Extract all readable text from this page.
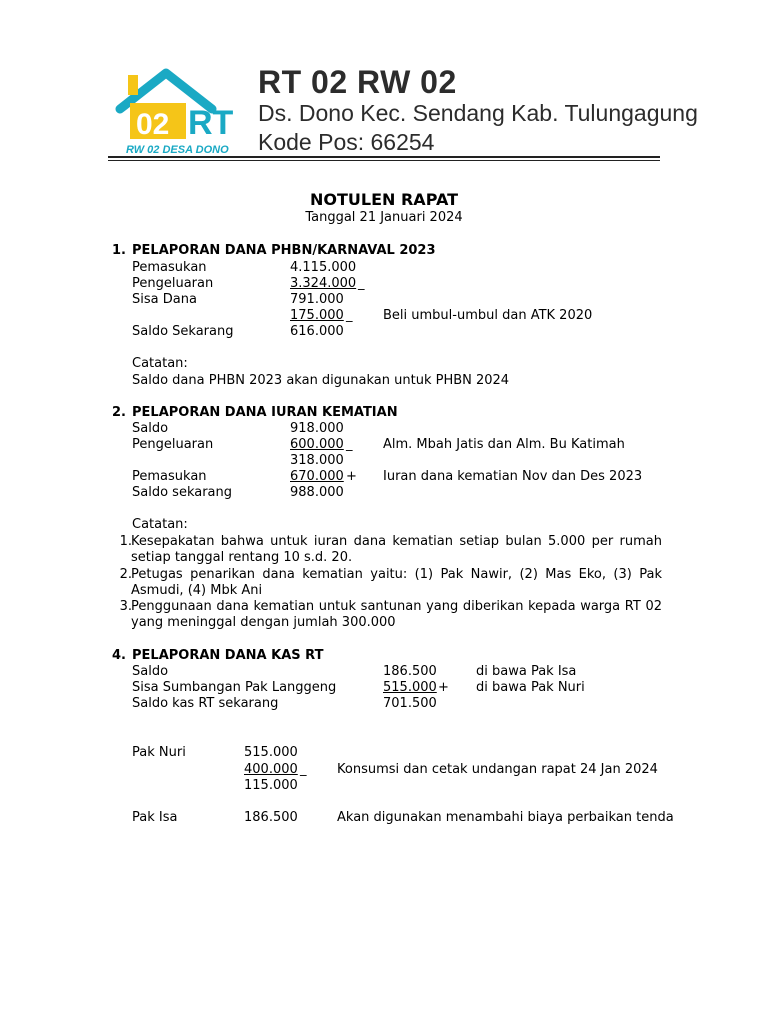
02 RT
RW 02 DESA DONO
RT 02 RW 02
Ds. Dono Kec. Sendang Kab. Tulungagung
Kode Pos: 66254
NOTULEN RAPAT
Tanggal 21 Januari 2024
1. PELAPORAN DANA PHBN/KARNAVAL 2023
Pemasukan	4.115.000
Pengeluaran	3.324.000 _
Sisa Dana	791.000
175.000 _ Beli umbul-umbul dan ATK 2020
Saldo Sekarang	616.000
Catatan:
Saldo dana PHBN 2023 akan digunakan untuk PHBN 2024
2. PELAPORAN DANA IURAN KEMATIAN
Saldo	918.000
Pengeluaran	600.000 _ Alm. Mbah Jatis dan Alm. Bu Katimah
318.000
Pemasukan	670.000 + Iuran dana kematian Nov dan Des 2023
Saldo sekarang	988.000
Catatan:
1. Kesepakatan bahwa untuk iuran dana kematian setiap bulan 5.000 per rumah setiap tanggal rentang 10 s.d. 20.
2. Petugas penarikan dana kematian yaitu: (1) Pak Nawir, (2) Mas Eko, (3) Pak Asmudi, (4) Mbk Ani
3. Penggunaan dana kematian untuk santunan yang diberikan kepada warga RT 02 yang meninggal dengan jumlah 300.000
4. PELAPORAN DANA KAS RT
Saldo	186.500	di bawa Pak Isa
Sisa Sumbangan Pak Langgeng	515.000 + di bawa Pak Nuri
Saldo kas RT sekarang	701.500
Pak Nuri	515.000
400.000 _ Konsumsi dan cetak undangan rapat 24 Jan 2024
115.000
Pak Isa	186.500	Akan digunakan menambahi biaya perbaikan tenda
